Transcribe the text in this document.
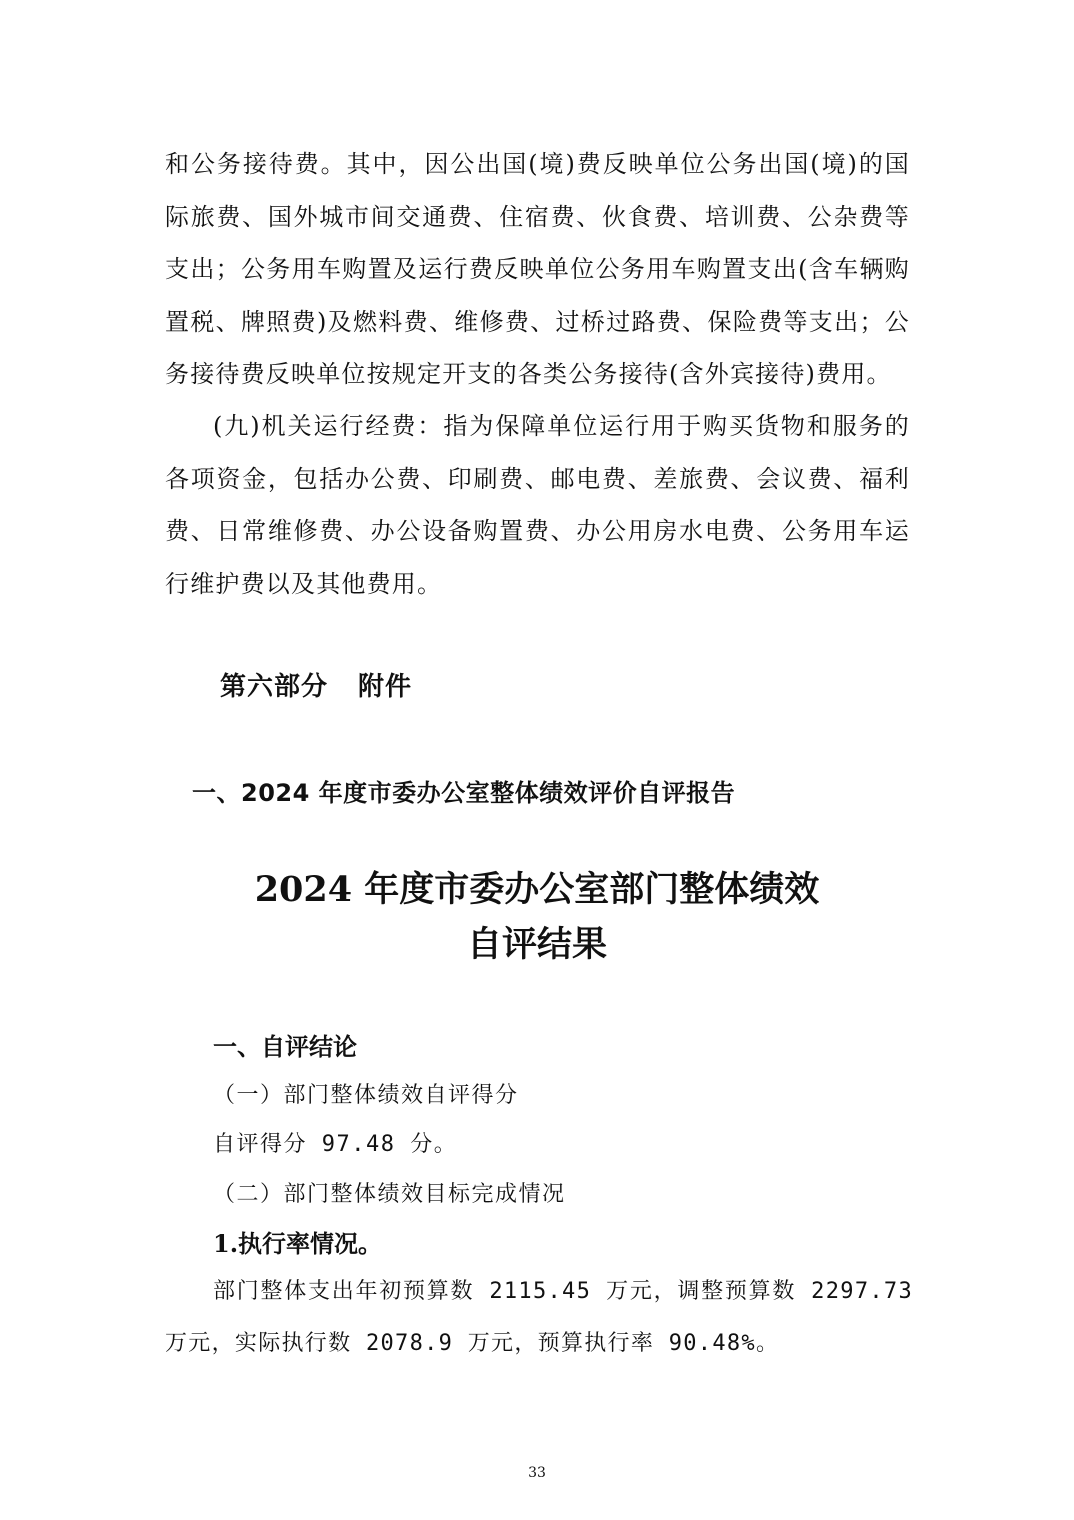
和公务接待费。其中，因公出国(境)费反映单位公务出国(境)的国际旅费、国外城市间交通费、住宿费、伙食费、培训费、公杂费等支出；公务用车购置及运行费反映单位公务用车购置支出(含车辆购置税、牌照费)及燃料费、维修费、过桥过路费、保险费等支出；公务接待费反映单位按规定开支的各类公务接待(含外宾接待)费用。

(九)机关运行经费：指为保障单位运行用于购买货物和服务的各项资金，包括办公费、印刷费、邮电费、差旅费、会议费、福利费、日常维修费、办公设备购置费、办公用房水电费、公务用车运行维护费以及其他费用。

第六部分 附件
一、2024 年度市委办公室整体绩效评价自评报告
2024 年度市委办公室部门整体绩效
自评结果
一、自评结论

（一）部门整体绩效自评得分

自评得分 97.48 分。

（二）部门整体绩效目标完成情况

1.执行率情况。

部门整体支出年初预算数 2115.45 万元，调整预算数 2297.73 万元，实际执行数 2078.9 万元，预算执行率 90.48%。

33
